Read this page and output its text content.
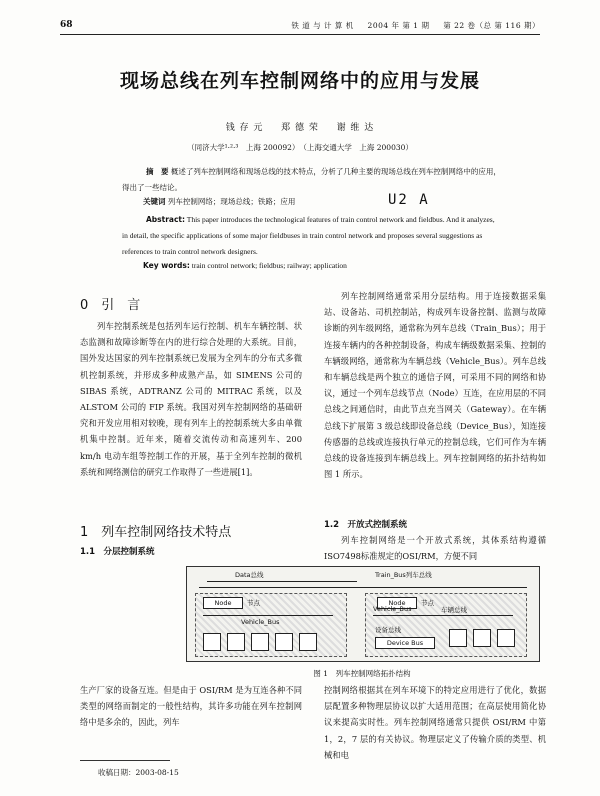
68	铁 道 与 计 算 机 　 2004 年 第 1 期 　 第 22 卷（总 第 116 期）
现场总线在列车控制网络中的应用与发展
钱 存 元 　 郑 德 荣 　 谢 维 达
（同济大学¹·²·³　上海 200092）　（上海交通大学　上海 200030）
摘　要 概述了列车控制网络和现场总线的技术特点，分析了几种主要的现场总线在列车控制网络中的应用，得出了一些结论。
关键词 列车控制网络；现场总线；铁路；应用	U2 A
Abstract: This paper introduces the technological features of train control network and fieldbus. And it analyzes, in detail, the specific applications of some major fieldbuses in train control network and proposes several suggestions as references to train control network designers.
Key words: train control network; fieldbus; railway; application
0　引　言
列车控制系统是包括列车运行控制、机车车辆控制、状态监测和故障诊断等在内的进行综合处理的大系统。目前，国外发达国家的列车控制系统已发展为全列车的分布式多微机控制系统，并形成多种成熟产品，如 SIMENS 公司的 SIBAS 系统，ADTRANZ 公司的 MITRAC 系统，以及 ALSTOM 公司的 FIP 系统。我国对列车控制网络的基础研究和开发应用相对较晚，现有列车上的控制系统大多由单微机集中控制。近年来，随着交流传动和高速列车、200 km/h 电动车组等控制工作的开展，基于全列车控制的微机系统和网络测信的研究工作取得了一些进展[1]。
1　列车控制网络技术特点
1.1　分层控制系统
列车控制网络通常采用分层结构。用于连接数据采集站、设备站、司机控制站，构成列车设备控制、监测与故障诊断的列车级网络，通常称为列车总线（Train_Bus）；用于连接车辆内的各种控制设备，构成车辆级数据采集、控制的车辆级网络，通常称为车辆总线（Vehicle_Bus）。列车总线和车辆总线是两个独立的通信子网，可采用不同的网络和协议，通过一个列车总线节点（Node）互连，在应用层的不同总线之间通信时，由此节点充当网关（Gateway）。在车辆总线下扩展第 3 级总线即设备总线（Device_Bus），知连接传感器的总线或连接执行单元的控制总线，它们可作为车辆总线的设备连接到车辆总线上。列车控制网络的拓扑结构如图 1 所示。
1.2　开放式控制系统
列车控制网络是一个开放式系统，其体系结构遵循ISO7498标准规定的OSI/RM，方便不同
Data总线	Train_Bus列车总线
Node	节点	Node	节点
Vehicle_Bus
Vehicle_Bus	车辆总线
设备总线
Device Bus
图 1　列车控制网络拓扑结构
生产厂家的设备互连。但是由于 OSI/RM 是为互连各种不同类型的网络而制定的一般性结构，其许多功能在列车控制网络中是多余的，因此，列车
控制网络根据其在列车环境下的特定应用进行了优化，数据层配置多种物理层协议以扩大适用范围；在高层使用简化协议来提高实时性。列车控制网络通常只提供 OSI/RM 中第 1，2，7 层的有关协议。物理层定义了传输介质的类型、机械和电
收稿日期：2003-08-15
